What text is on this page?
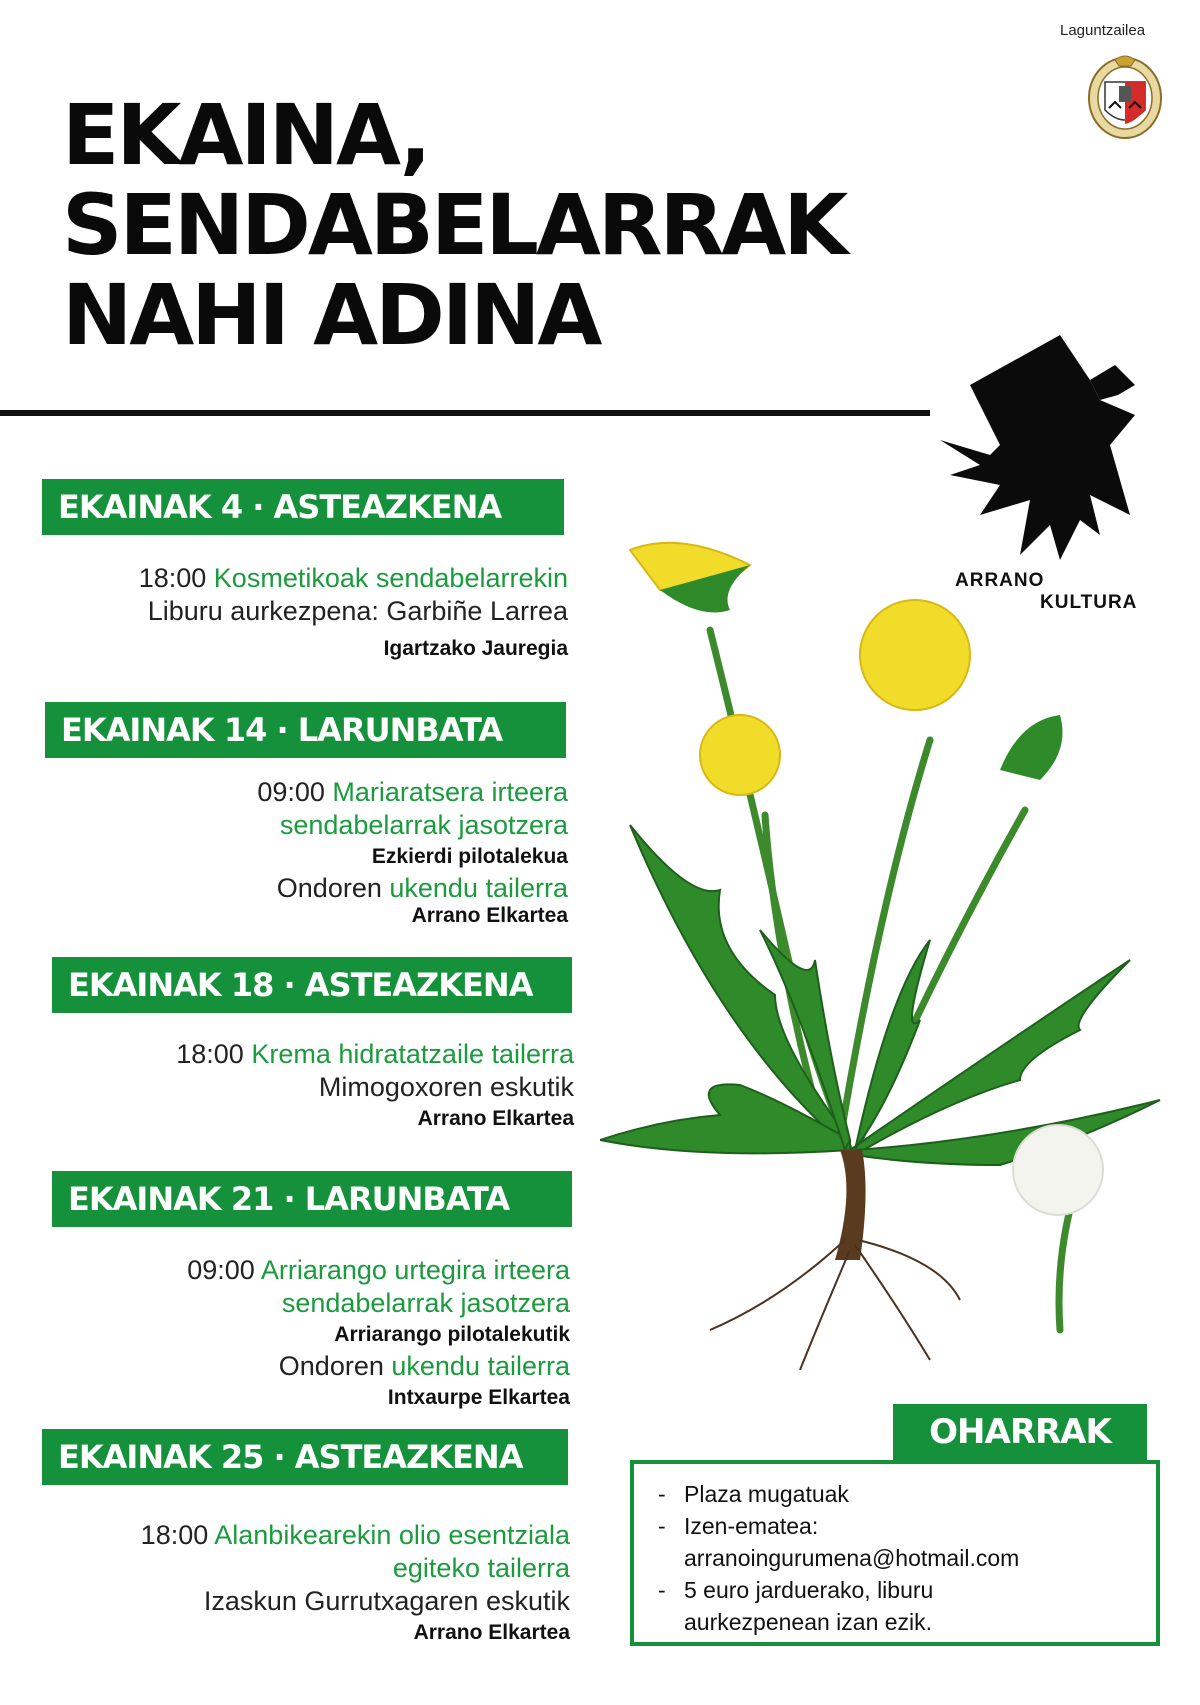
Laguntzailea
EKAINA,
SENDABELARRAK
NAHI ADINA
ARRANO
KULTURA
EKAINAK 4 · ASTEAZKENA
18:00 Kosmetikoak sendabelarrekin
Liburu aurkezpena: Garbiñe Larrea
Igartzako Jauregia
EKAINAK 14 · LARUNBATA
09:00 Mariaratsera irteera
sendabelarrak jasotzera
Ezkierdi pilotalekua
Ondoren ukendu tailerra
Arrano Elkartea
EKAINAK 18 · ASTEAZKENA
18:00 Krema hidratatzaile tailerra
Mimogoxoren eskutik
Arrano Elkartea
EKAINAK 21 · LARUNBATA
09:00 Arriarango urtegira irteera
sendabelarrak jasotzera
Arriarango pilotalekutik
Ondoren ukendu tailerra
Intxaurpe Elkartea
EKAINAK 25 · ASTEAZKENA
18:00 Alanbikearekin olio esentziala
egiteko tailerra
Izaskun Gurrutxagaren eskutik
Arrano Elkartea
OHARRAK
- Plaza mugatuak
- Izen-ematea:
arranoingurumena@hotmail.com
- 5 euro jarduerako, liburu
aurkezpenean izan ezik.
